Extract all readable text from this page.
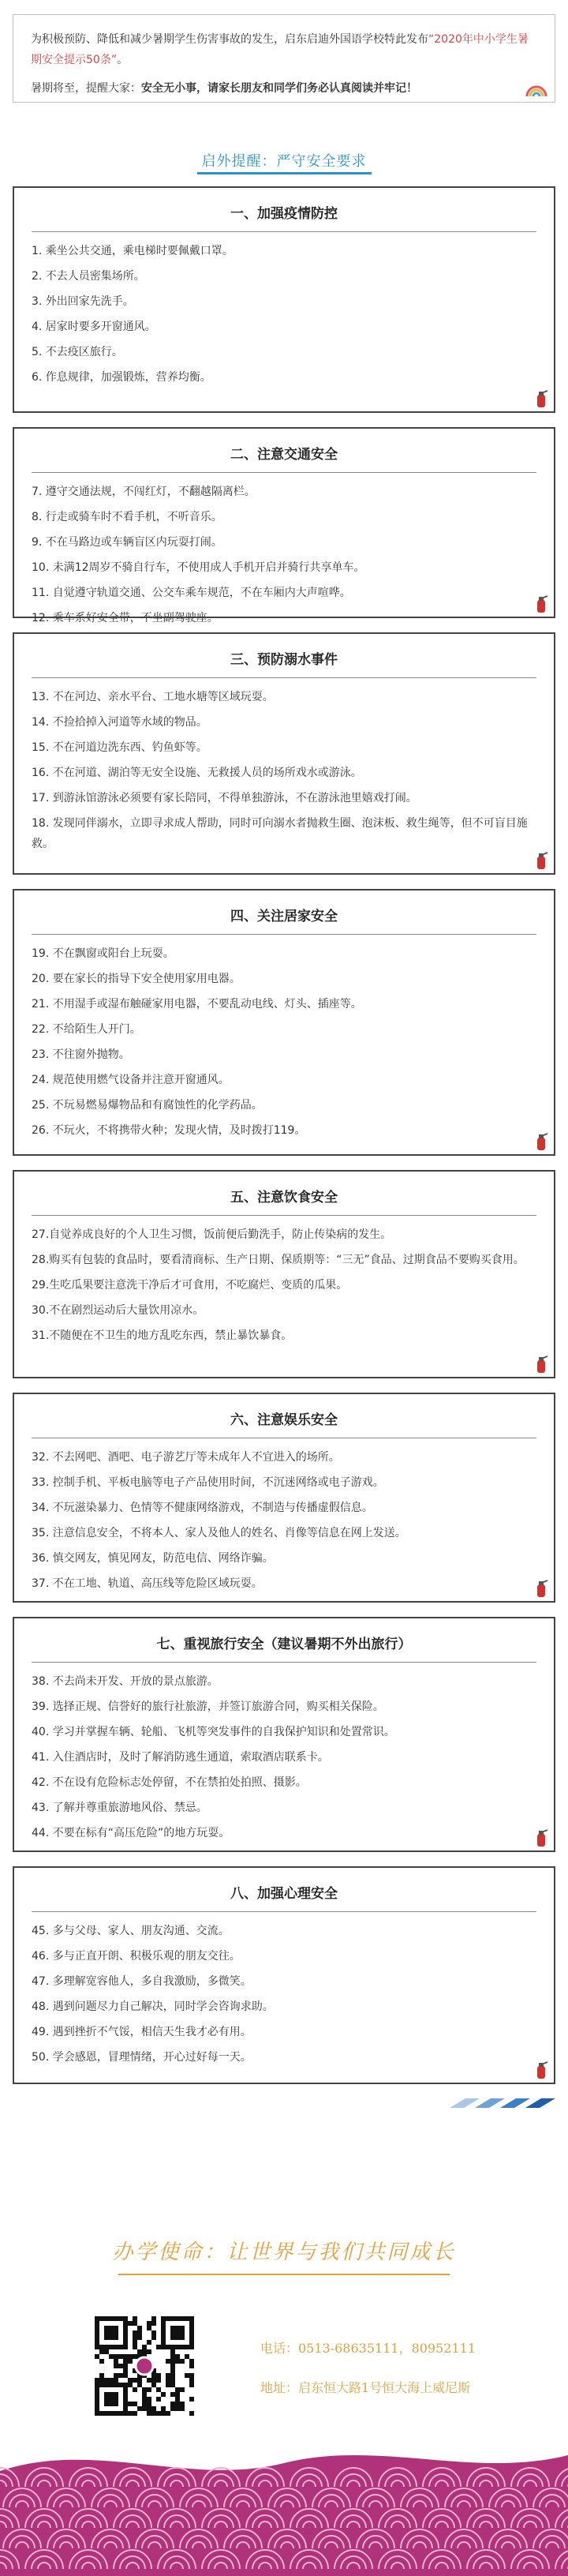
为积极预防、降低和减少暑期学生伤害事故的发生，启东启迪外国语学校特此发布“2020年中小学生暑期安全提示50条”。

暑期将至，提醒大家：安全无小事，请家长朋友和同学们务必认真阅读并牢记！

启外提醒：严守安全要求
一、加强疫情防控
1. 乘坐公共交通，乘电梯时要佩戴口罩。
2. 不去人员密集场所。
3. 外出回家先洗手。
4. 居家时要多开窗通风。
5. 不去疫区旅行。
6. 作息规律，加强锻炼，营养均衡。
二、注意交通安全
7. 遵守交通法规，不闯红灯，不翻越隔离栏。
8. 行走或骑车时不看手机，不听音乐。
9. 不在马路边或车辆盲区内玩耍打闹。
10. 未满12周岁不骑自行车，不使用成人手机开启并骑行共享单车。
11. 自觉遵守轨道交通、公交车乘车规范，不在车厢内大声喧哗。
12. 乘车系好安全带，不坐副驾驶座。
三、预防溺水事件
13. 不在河边、亲水平台、工地水塘等区域玩耍。
14. 不捡拾掉入河道等水域的物品。
15. 不在河道边洗东西、钓鱼虾等。
16. 不在河道、湖泊等无安全设施、无救援人员的场所戏水或游泳。
17. 到游泳馆游泳必须要有家长陪同，不得单独游泳，不在游泳池里嬉戏打闹。
18. 发现同伴溺水，立即寻求成人帮助，同时可向溺水者抛救生圈、泡沫板、救生绳等，但不可盲目施救。
四、关注居家安全
19. 不在飘窗或阳台上玩耍。
20. 要在家长的指导下安全使用家用电器。
21. 不用湿手或湿布触碰家用电器，不要乱动电线、灯头、插座等。
22. 不给陌生人开门。
23. 不往窗外抛物。
24. 规范使用燃气设备并注意开窗通风。
25. 不玩易燃易爆物品和有腐蚀性的化学药品。
26. 不玩火，不将携带火种；发现火情，及时拨打119。
五、注意饮食安全
27.自觉养成良好的个人卫生习惯，饭前便后勤洗手，防止传染病的发生。
28.购买有包装的食品时，要看清商标、生产日期、保质期等：“三无”食品、过期食品不要购买食用。
29.生吃瓜果要注意洗干净后才可食用，不吃腐烂、变质的瓜果。
30.不在剧烈运动后大量饮用凉水。
31.不随便在不卫生的地方乱吃东西，禁止暴饮暴食。
六、注意娱乐安全
32. 不去网吧、酒吧、电子游艺厅等未成年人不宜进入的场所。
33. 控制手机、平板电脑等电子产品使用时间，不沉迷网络或电子游戏。
34. 不玩滋染暴力、色情等不健康网络游戏，不制造与传播虚假信息。
35. 注意信息安全，不将本人、家人及他人的姓名、肖像等信息在网上发送。
36. 慎交网友，慎见网友，防范电信、网络诈骗。
37. 不在工地、轨道、高压线等危险区域玩耍。
七、重视旅行安全（建议暑期不外出旅行）
38. 不去尚未开发、开放的景点旅游。
39. 选择正规、信誉好的旅行社旅游，并签订旅游合同，购买相关保险。
40. 学习并掌握车辆、轮船、飞机等突发事件的自我保护知识和处置常识。
41. 入住酒店时，及时了解消防逃生通道，索取酒店联系卡。
42. 不在设有危险标志处停留，不在禁拍处拍照、摄影。
43. 了解并尊重旅游地风俗、禁忌。
44. 不要在标有“高压危险”的地方玩耍。
八、加强心理安全
45. 多与父母、家人、朋友沟通、交流。
46. 多与正直开朗、积极乐观的朋友交往。
47. 多理解宽容他人，多自我激励，多微笑。
48. 遇到问题尽力自己解决，同时学会咨询求助。
49. 遇到挫折不气馁，相信天生我才必有用。
50. 学会感恩，冒理情绪，开心过好每一天。

办学使命：让世界与我们共同成长
电话：0513-68635111，80952111
地址：启东恒大路1号恒大海上威尼斯
